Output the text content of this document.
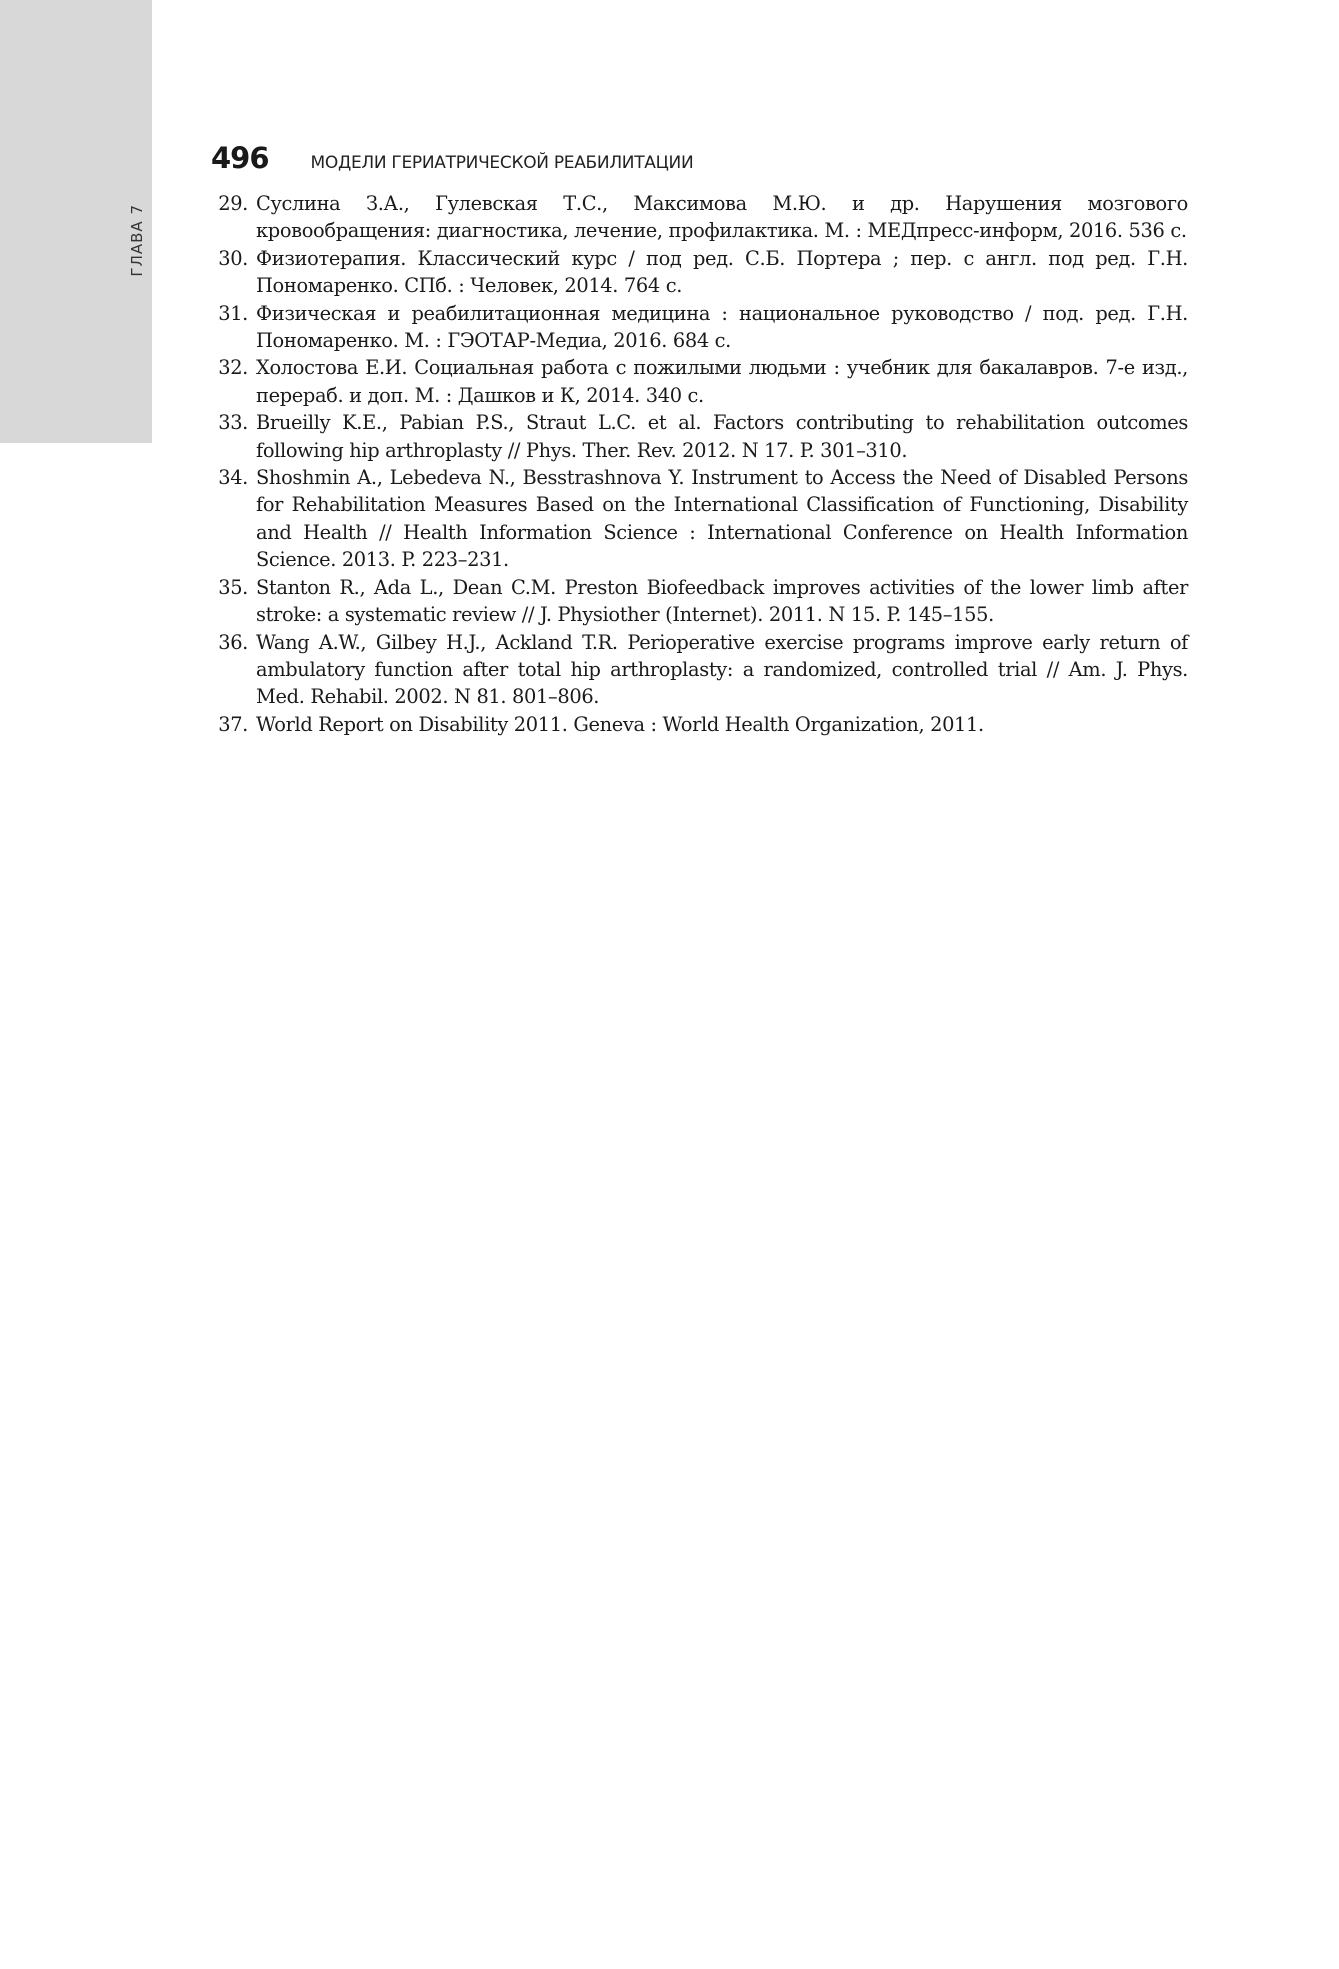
ГЛАВА 7
496 МОДЕЛИ ГЕРИАТРИЧЕСКОЙ РЕАБИЛИТАЦИИ
29. Суслина З.А., Гулевская Т.С., Максимова М.Ю. и др. Нарушения мозгового кровообращения: диагностика, лечение, профилактика. М. : МЕДпресс-информ, 2016. 536 с.
30. Физиотерапия. Классический курс / под ред. С.Б. Портера ; пер. с англ. под ред. Г.Н. Пономаренко. СПб. : Человек, 2014. 764 с.
31. Физическая и реабилитационная медицина : национальное руководство / под. ред. Г.Н. Пономаренко. М. : ГЭОТАР-Медиа, 2016. 684 с.
32. Холостова Е.И. Социальная работа с пожилыми людьми : учебник для бакалавров. 7-е изд., перераб. и доп. М. : Дашков и К, 2014. 340 с.
33. Brueilly K.E., Pabian P.S., Straut L.C. et al. Factors contributing to rehabilitation outcomes following hip arthroplasty // Phys. Ther. Rev. 2012. N 17. P. 301–310.
34. Shoshmin A., Lebedeva N., Besstrashnova Y. Instrument to Access the Need of Disabled Persons for Rehabilitation Measures Based on the International Classification of Functioning, Disability and Health // Health Information Science : International Conference on Health Information Science. 2013. P. 223–231.
35. Stanton R., Ada L., Dean C.M. Preston Biofeedback improves activities of the lower limb after stroke: a systematic review // J. Physiother (Internet). 2011. N 15. P. 145–155.
36. Wang A.W., Gilbey H.J., Ackland T.R. Perioperative exercise programs improve early return of ambulatory function after total hip arthroplasty: a randomized, controlled trial // Am. J. Phys. Med. Rehabil. 2002. N 81. 801–806.
37. World Report on Disability 2011. Geneva : World Health Organization, 2011.
